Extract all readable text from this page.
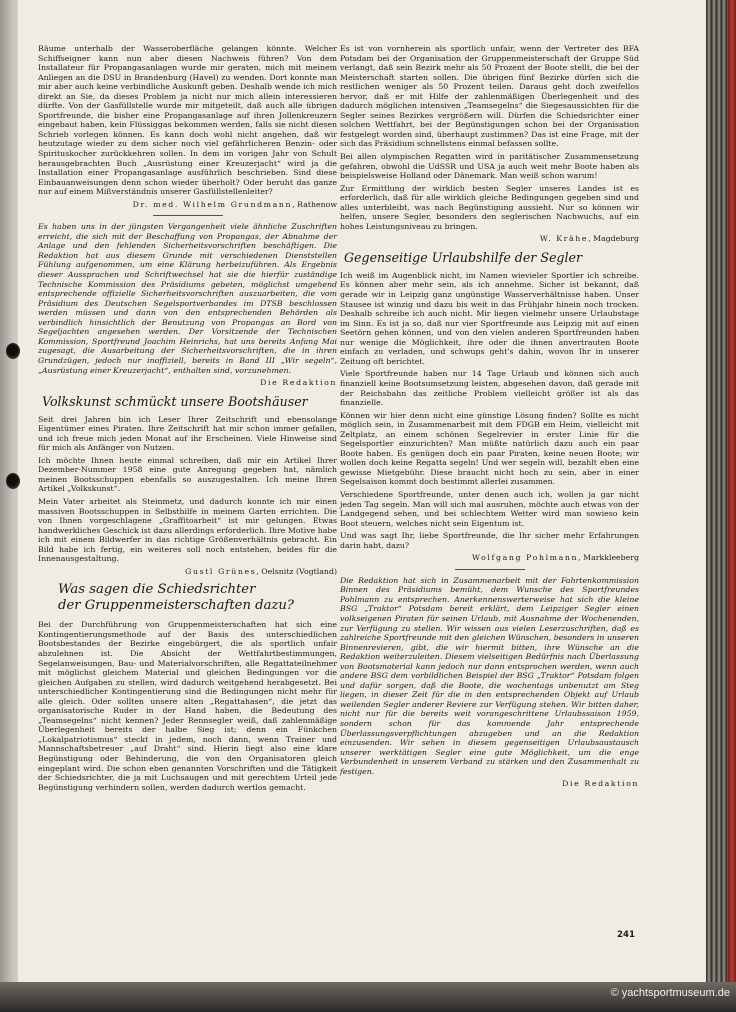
Räume unterhalb der Wasseroberfläche gelangen könnte. Welcher Schiffseigner kann nun aber diesen Nachweis führen? Von dem Installateur für Propangasanlagen wurde mir geraten, mich mit meinem Anliegen an die DSU in Brandenburg (Havel) zu wenden. Dort konnte man mir aber auch keine verbindliche Auskunft geben. Deshalb wende ich mich direkt an Sie, da dieses Problem ja nicht nur mich allein interessieren dürfte. Von der Gasfüllstelle wurde mir mitgeteilt, daß auch alle übrigen Sportfreunde, die bisher eine Propangasanlage auf ihren Jollenkreuzern eingebaut haben, kein Flüssiggas bekommen werden, falls sie nicht diesen Schrieb vorlegen können. Es kann doch wohl nicht angehen, daß wir heutzutage wieder zu dem sicher noch viel gefährlicheren Benzin- oder Spirituskocher zurückkehren sollen. In dem im vorigen Jahr von Schult herausgebrachten Buch „Ausrüstung einer Kreuzerjacht“ wird ja die Installation einer Propangasanlage ausführlich beschrieben. Sind diese Einbauanweisungen denn schon wieder überholt? Oder beruht das ganze nur auf einem Mißverständnis unserer Gasfüllstellenleiter?

Dr. med. Wilhelm Grundmann, Rathenow

Es haben uns in der jüngsten Vergangenheit viele ähnliche Zuschriften erreicht, die sich mit der Beschaffung von Propangas, der Abnahme der Anlage und den fehlenden Sicherheitsvorschriften beschäftigen. Die Redaktion hat aus diesem Grunde mit verschiedenen Dienststellen Fühlung aufgenommen, um eine Klärung herbeizuführen. Als Ergebnis dieser Aussprachen und Schriftwechsel hat sie die hierfür zuständige Technische Kommission des Präsidiums gebeten, möglichst umgehend entsprechende offizielle Sicherheitsvorschriften auszuarbeiten, die vom Präsidium des Deutschen Segelsportverbandes im DTSB beschlossen werden müssen und dann von den entsprechenden Behörden als verbindlich hinsichtlich der Benutzung von Propangas an Bord von Segeljachten angesehen werden. Der Vorsitzende der Technischen Kommission, Sportfreund Joachim Heinrichs, hat uns bereits Anfang Mai zugesagt, die Ausarbeitung der Sicherheitsvorschriften, die in ihren Grundzügen, jedoch nur inoffiziell, bereits in Band III „Wir segeln“, „Ausrüstung einer Kreuzerjacht“, enthalten sind, vorzunehmen.

Die Redaktion
Volkskunst schmückt unsere Bootshäuser

Seit drei Jahren bin ich Leser Ihrer Zeitschrift und ebensolange Eigentümer eines Piraten. Ihre Zeitschrift hat mir schon immer gefallen, und ich freue mich jeden Monat auf ihr Erscheinen. Viele Hinweise sind für mich als Anfänger von Nutzen.

Ich möchte Ihnen heute einmal schreiben, daß mir ein Artikel Ihrer Dezember-Nummer 1958 eine gute Anregung gegeben hat, nämlich meinen Bootsschuppen ebenfalls so auszugestalten. Ich meine Ihren Artikel „Volkskunst“.

Mein Vater arbeitet als Steinmetz, und dadurch konnte ich mir einen massiven Bootsschuppen in Selbsthilfe in meinem Garten errichten. Die von Ihnen vorgeschlagene „Graffitoarbeit“ ist mir gelungen. Etwas handwerkliches Geschick ist dazu allerdings erforderlich. Ihre Motive habe ich mit einem Bildwerfer in das richtige Größenverhältnis gebracht. Ein Bild habe ich fertig, ein weiteres soll noch entstehen, beides für die Innenausgestaltung.

Gustl Grünes, Oelsnitz (Vogtland)
Was sagen die Schiedsrichter
der Gruppenmeisterschaften dazu?

Bei der Durchführung von Gruppenmeisterschaften hat sich eine Kontingentierungsmethode auf der Basis des unterschiedlichen Bootsbestandes der Bezirke eingebürgert, die als sportlich unfair abzulehnen ist. Die Absicht der Wettfahrtbestimmungen, Segelanweisungen, Bau- und Materialvorschriften, alle Regattateilnehmer mit möglichst gleichem Material und gleichen Bedingungen vor die gleichen Aufgaben zu stellen, wird dadurch weitgehend herabgesetzt. Bei unterschiedlicher Kontingentierung sind die Bedingungen nicht mehr für alle gleich. Oder sollten unsere alten „Regattahasen“, die jetzt das organisatorische Ruder in der Hand haben, die Bedeutung des „Teamsegelns“ nicht kennen? Jeder Rennsegler weiß, daß zahlenmäßige Überlegenheit bereits der halbe Sieg ist; denn ein Fünkchen „Lokalpatriotismus“ steckt in jedem, noch dann, wenn Trainer und Mannschaftsbetreuer „auf Draht“ sind. Hierin liegt also eine klare Begünstigung oder Behinderung, die von den Organisatoren gleich eingeplant wird. Die schon eben genannten Vorschriften und die Tätigkeit der Schiedsrichter, die ja mit Luchsaugen und mit gerechtem Urteil jede Begünstigung verhindern sollen, werden dadurch wertlos gemacht.

Es ist von vornherein als sportlich unfair, wenn der Vertreter des BFA Potsdam bei der Organisation der Gruppenmeisterschaft der Gruppe Süd verlangt, daß sein Bezirk mehr als 50 Prozent der Boote stellt, die bei der Meisterschaft starten sollen. Die übrigen fünf Bezirke dürfen sich die restlichen weniger als 50 Prozent teilen. Daraus geht doch zweifellos hervor, daß er mit Hilfe der zahlenmäßigen Überlegenheit und des dadurch möglichen intensiven „Teamsegelns“ die Siegesaussichten für die Segler seines Bezirkes vergrößern will. Dürfen die Schiedsrichter einer solchen Wettfahrt, bei der Begünstigungen schon bei der Organisation festgelegt worden sind, überhaupt zustimmen? Das ist eine Frage, mit der sich das Präsidium schnellstens einmal befassen sollte.

Bei allen olympischen Regatten wird in paritätischer Zusammensetzung gefahren, obwohl die UdSSR und USA ja auch weit mehr Boote haben als beispielsweise Holland oder Dänemark. Man weiß schon warum!

Zur Ermittlung der wirklich besten Segler unseres Landes ist es erforderlich, daß für alle wirklich gleiche Bedingungen gegeben sind und alles unterbleibt, was nach Begünstigung aussieht. Nur so können wir helfen, unsere Segler, besonders den seglerischen Nachwuchs, auf ein hohes Leistungsniveau zu bringen.

W. Krähe, Magdeburg
Gegenseitige Urlaubshilfe der Segler

Ich weiß im Augenblick nicht, im Namen wievieler Sportler ich schreibe. Es können aber mehr sein, als ich annehme. Sicher ist bekannt, daß gerade wir in Leipzig ganz ungünstige Wasserverhältnisse haben. Unser Stausee ist winzig und dazu bis weit in das Frühjahr hinein noch trocken. Deshalb schreibe ich auch nicht. Mir liegen vielmehr unsere Urlaubstage im Sinn. Es ist ja so, daß nur vier Sportfreunde aus Leipzig mit auf einen Seetörn gehen können, und von den vielen anderen Sportfreunden haben nur wenige die Möglichkeit, ihre oder die ihnen anvertrauten Boote einfach zu verladen, und schwups geht's dahin, wovon Ihr in unserer Zeitung oft berichtet.

Viele Sportfreunde haben nur 14 Tage Urlaub und können sich auch finanziell keine Bootsumsetzung leisten, abgesehen davon, daß gerade mit der Reichsbahn das zeitliche Problem vielleicht größer ist als das finanzielle.

Können wir hier denn nicht eine günstige Lösung finden? Sollte es nicht möglich sein, in Zusammenarbeit mit dem FDGB ein Heim, vielleicht mit Zeltplatz, an einem schönen Segelrevier in erster Linie für die Segelsportler einzurichten? Man müßte natürlich dazu auch ein paar Boote haben. Es genügen doch ein paar Piraten, keine neuen Boote; wir wollen doch keine Regatta segeln! Und wer segeln will, bezahlt eben eine gewisse Mietgebühr. Diese braucht nicht hoch zu sein, aber in einer Segelsaison kommt doch bestimmt allerlei zusammen.

Verschiedene Sportfreunde, unter denen auch ich, wollen ja gar nicht jeden Tag segeln. Man will sich mal ausruhen, möchte auch etwas von der Landgegend sehen, und bei schlechtem Wetter wird man sowieso kein Boot steuern, welches nicht sein Eigentum ist.

Und was sagt Ihr, liebe Sportfreunde, die Ihr sicher mehr Erfahrungen darin habt, dazu?

Wolfgang Pohlmann, Markkleeberg

Die Redaktion hat sich in Zusammenarbeit mit der Fahrtenkommission Binnen des Präsidiums bemüht, dem Wunsche des Sportfreundes Pohlmann zu entsprechen. Anerkennenswerterweise hat sich die kleine BSG „Traktor“ Potsdam bereit erklärt, dem Leipziger Segler einen volkseigenen Piraten für seinen Urlaub, mit Ausnahme der Wochenenden, zur Verfügung zu stellen. Wir wissen aus vielen Leserzuschriften, daß es zahlreiche Sportfreunde mit den gleichen Wünschen, besonders in unseren Binnenrevieren, gibt, die wir hiermit bitten, ihre Wünsche an die Redaktion weiterzuleiten. Diesem vielseitigen Bedürfnis nach Überlassung von Bootsmaterial kann jedoch nur dann entsprochen werden, wenn auch andere BSG dem vorbildlichen Beispiel der BSG „Traktor“ Potsdam folgen und dafür sorgen, daß die Boote, die wochentags unbenutzt am Steg liegen, in dieser Zeit für die in den entsprechenden Objekt auf Urlaub weilenden Segler anderer Reviere zur Verfügung stehen. Wir bitten daher, nicht nur für die bereits weit vorangeschrittene Urlaubssaison 1959, sondern schon für das kommende Jahr entsprechende Überlassungsverpflichtungen abzugeben und an die Redaktion einzusenden. Wir sehen in diesem gegenseitigen Urlaubsaustausch unserer werktätigen Segler eine gute Möglichkeit, um die enge Verbundenheit in unserem Verband zu stärken und den Zusammenhalt zu festigen.

Die Redaktion
241
© yachtsportmuseum.de
